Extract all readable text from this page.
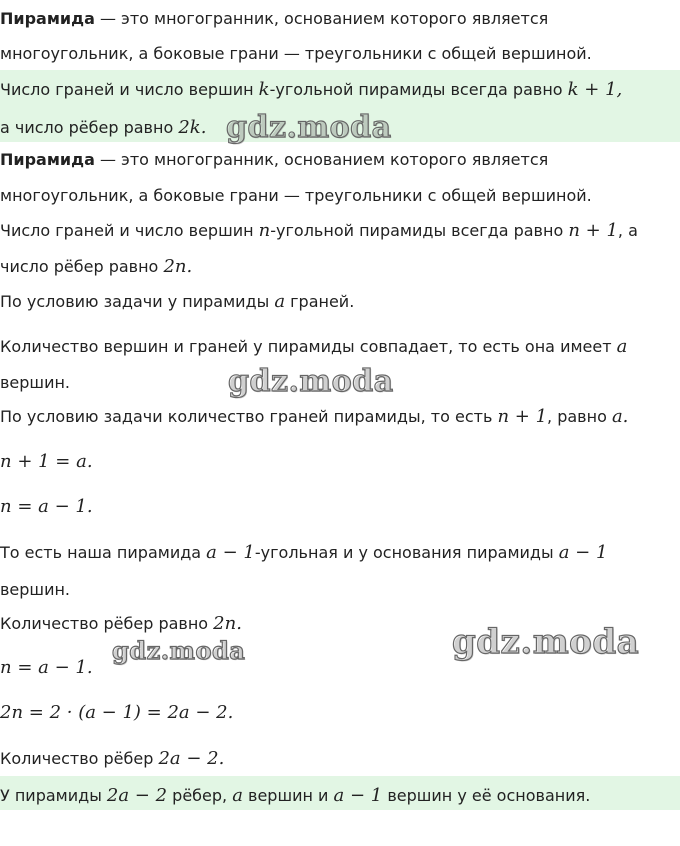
Пирамида — это многогранник, основанием которого является
многоугольник, а боковые грани — треугольники с общей вершиной.
Число граней и число вершин k-угольной пирамиды всегда равно k + 1,
а число рёбер равно 2k.
Пирамида — это многогранник, основанием которого является
многоугольник, а боковые грани — треугольники с общей вершиной.
Число граней и число вершин n-угольной пирамиды всегда равно n + 1, а
число рёбер равно 2n.
По условию задачи у пирамиды a граней.
Количество вершин и граней у пирамиды совпадает, то есть она имеет a
вершин.
По условию задачи количество граней пирамиды, то есть n + 1, равно a.
n + 1 = a.
n = a − 1.
То есть наша пирамида a − 1-угольная и у основания пирамиды a − 1
вершин.
Количество рёбер равно 2n.
n = a − 1.
2n = 2 · (a − 1) = 2a − 2.
Количество рёбер 2a − 2.
У пирамиды 2a − 2 рёбер, a вершин и a − 1 вершин у её основания.
gdz.moda
gdz.moda
gdz.moda
gdz.moda
